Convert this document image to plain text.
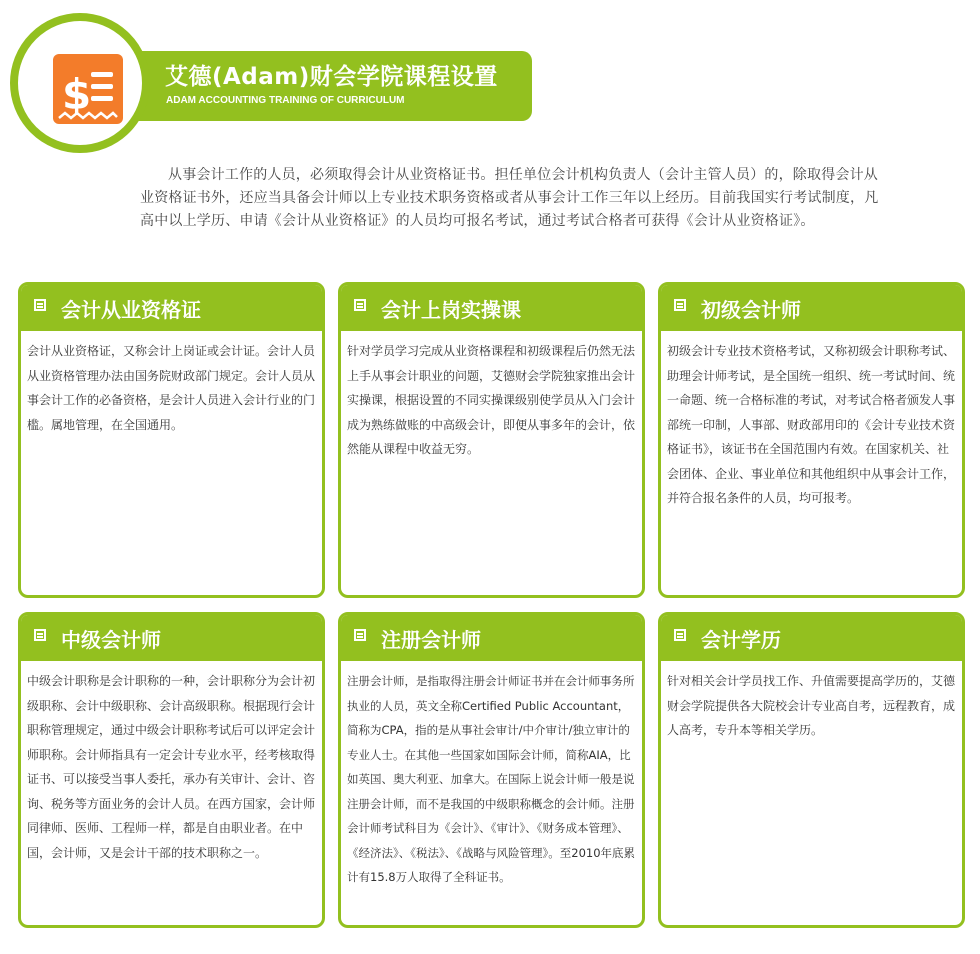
$	艾德(Adam)财会学院课程设置
ADAM ACCOUNTING TRAINING OF CURRICULUM
从事会计工作的人员，必须取得会计从业资格证书。担任单位会计机构负责人（会计主管人员）的，除取得会计从业资格证书外，还应当具备会计师以上专业技术职务资格或者从事会计工作三年以上经历。目前我国实行考试制度，凡高中以上学历、申请《会计从业资格证》的人员均可报名考试，通过考试合格者可获得《会计从业资格证》。
会计从业资格证
会计从业资格证，又称会计上岗证或会计证。会计人员从业资格管理办法由国务院财政部门规定。会计人员从事会计工作的必备资格，是会计人员进入会计行业的门槛。属地管理，在全国通用。
会计上岗实操课
针对学员学习完成从业资格课程和初级课程后仍然无法上手从事会计职业的问题，艾德财会学院独家推出会计实操课，根据设置的不同实操课级别使学员从入门会计成为熟练做账的中高级会计，即便从事多年的会计，依然能从课程中收益无穷。
初级会计师
初级会计专业技术资格考试，又称初级会计职称考试、助理会计师考试，是全国统一组织、统一考试时间、统一命题、统一合格标准的考试，对考试合格者颁发人事部统一印制，人事部、财政部用印的《会计专业技术资格证书》，该证书在全国范围内有效。在国家机关、社会团体、企业、事业单位和其他组织中从事会计工作，并符合报名条件的人员，均可报考。
中级会计师
中级会计职称是会计职称的一种，会计职称分为会计初级职称、会计中级职称、会计高级职称。根据现行会计职称管理规定，通过中级会计职称考试后可以评定会计师职称。会计师指具有一定会计专业水平，经考核取得证书、可以接受当事人委托，承办有关审计、会计、咨询、税务等方面业务的会计人员。在西方国家，会计师同律师、医师、工程师一样，都是自由职业者。在中国，会计师，又是会计干部的技术职称之一。
注册会计师
注册会计师，是指取得注册会计师证书并在会计师事务所执业的人员，英文全称Certified Public Accountant，简称为CPA，指的是从事社会审计/中介审计/独立审计的专业人士。在其他一些国家如国际会计师，简称AIA，比如英国、奥大利亚、加拿大。在国际上说会计师一般是说注册会计师，而不是我国的中级职称概念的会计师。注册会计师考试科目为《会计》、《审计》、《财务成本管理》、《经济法》、《税法》、《战略与风险管理》。至2010年底累计有15.8万人取得了全科证书。
会计学历
针对相关会计学员找工作、升值需要提高学历的，艾德财会学院提供各大院校会计专业高自考，远程教育，成人高考，专升本等相关学历。
